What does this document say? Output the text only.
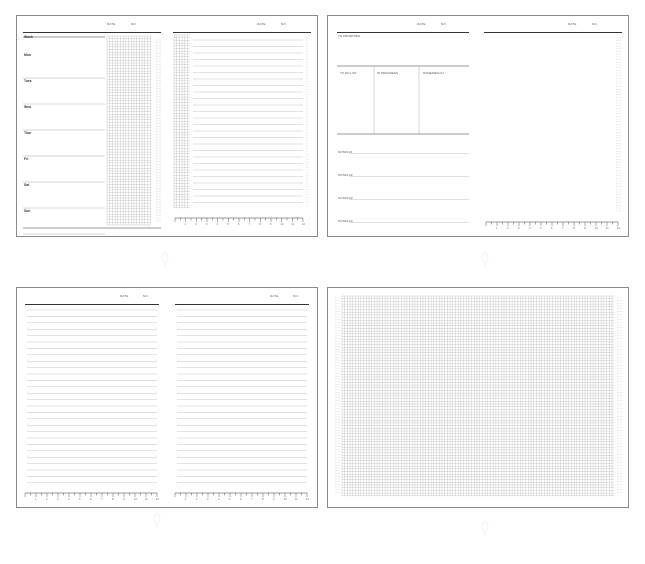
DATE	NO.
Week
Mon
Tues
Wed
Thur
Fri
Sat
Sun
DATE	NO.
1	2	3	4	5	6	7	8	9	10	11	12
DATE	NO.
TO PRIORITIES
TO DO LIST	IN PROGRESS	DONE/RESULT
NOTES 01
NOTES 02
NOTES 03
NOTES 04
DATE	NO.
1	2	3	4	5	6	7	8	9	10	11	12
DATE	NO.
1	2	3	4	5	6	7	8	9	10	11	12
DATE	NO.
1	2	3	4	5	6	7	8	9	10	11	12
